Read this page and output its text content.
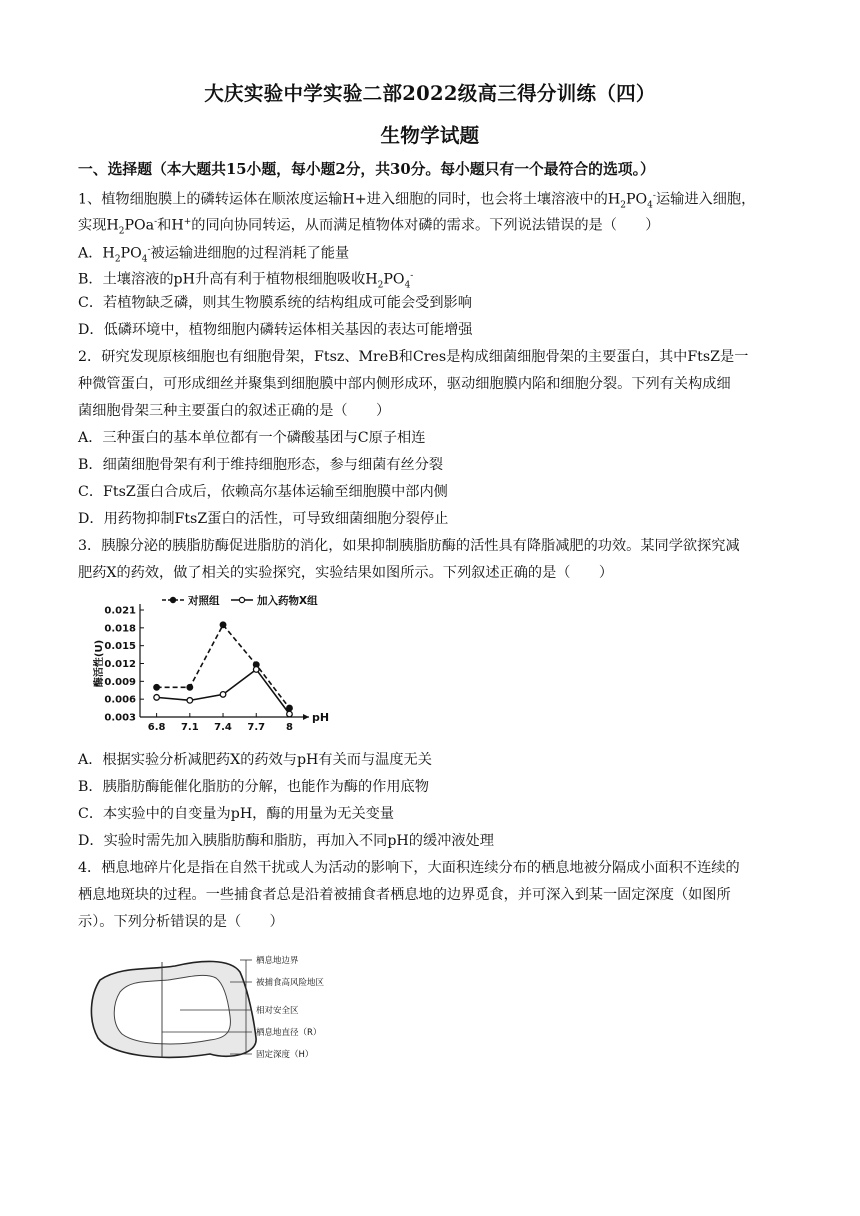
大庆实验中学实验二部2022级高三得分训练（四）
生物学试题
一、选择题（本大题共15小题，每小题2分，共30分。每小题只有一个最符合的选项。）
1、植物细胞膜上的磷转运体在顺浓度运输H+进入细胞的同时，也会将土壤溶液中的$H_2PO_4^-$运输进入细胞，
实现$H_2POa^-$和H+的同向协同转运，从而满足植物体对磷的需求。下列说法错误的是（　　）
A．$H_2PO_4^-$被运输进细胞的过程消耗了能量
B．土壤溶液的pH升高有利于植物根细胞吸收$H_2PO_4^-$
C．若植物缺乏磷，则其生物膜系统的结构组成可能会受到影响
D．低磷环境中，植物细胞内磷转运体相关基因的表达可能增强
2．研究发现原核细胞也有细胞骨架，Ftsz、MreB和Cres是构成细菌细胞骨架的主要蛋白，其中FtsZ是一
种微管蛋白，可形成细丝并聚集到细胞膜中部内侧形成环，驱动细胞膜内陷和细胞分裂。下列有关构成细
菌细胞骨架三种主要蛋白的叙述正确的是（　　）
A．三种蛋白的基本单位都有一个磷酸基团与C原子相连
B．细菌细胞骨架有利于维持细胞形态，参与细菌有丝分裂
C．FtsZ蛋白合成后，依赖高尔基体运输至细胞膜中部内侧
D．用药物抑制FtsZ蛋白的活性，可导致细菌细胞分裂停止
3．胰腺分泌的胰脂肪酶促进脂肪的消化，如果抑制胰脂肪酶的活性具有降脂减肥的功效。某同学欲探究减
肥药X的药效，做了相关的实验探究，实验结果如图所示。下列叙述正确的是（　　）
0.021
0.018
0.015
0.012
0.009
0.006
0.003
6.8 7.1 7.4 7.7 8
pH
酶活性(U)
对照组	加入药物X组
A．根据实验分析减肥药X的药效与pH有关而与温度无关
B．胰脂肪酶能催化脂肪的分解，也能作为酶的作用底物
C．本实验中的自变量为pH，酶的用量为无关变量
D．实验时需先加入胰脂肪酶和脂肪，再加入不同pH的缓冲液处理
4．栖息地碎片化是指在自然干扰或人为活动的影响下，大面积连续分布的栖息地被分隔成小面积不连续的
栖息地斑块的过程。一些捕食者总是沿着被捕食者栖息地的边界觅食，并可深入到某一固定深度（如图所
示）。下列分析错误的是（　　）
栖息地边界
被捕食高风险地区
相对安全区
栖息地直径（R）
固定深度（H）
